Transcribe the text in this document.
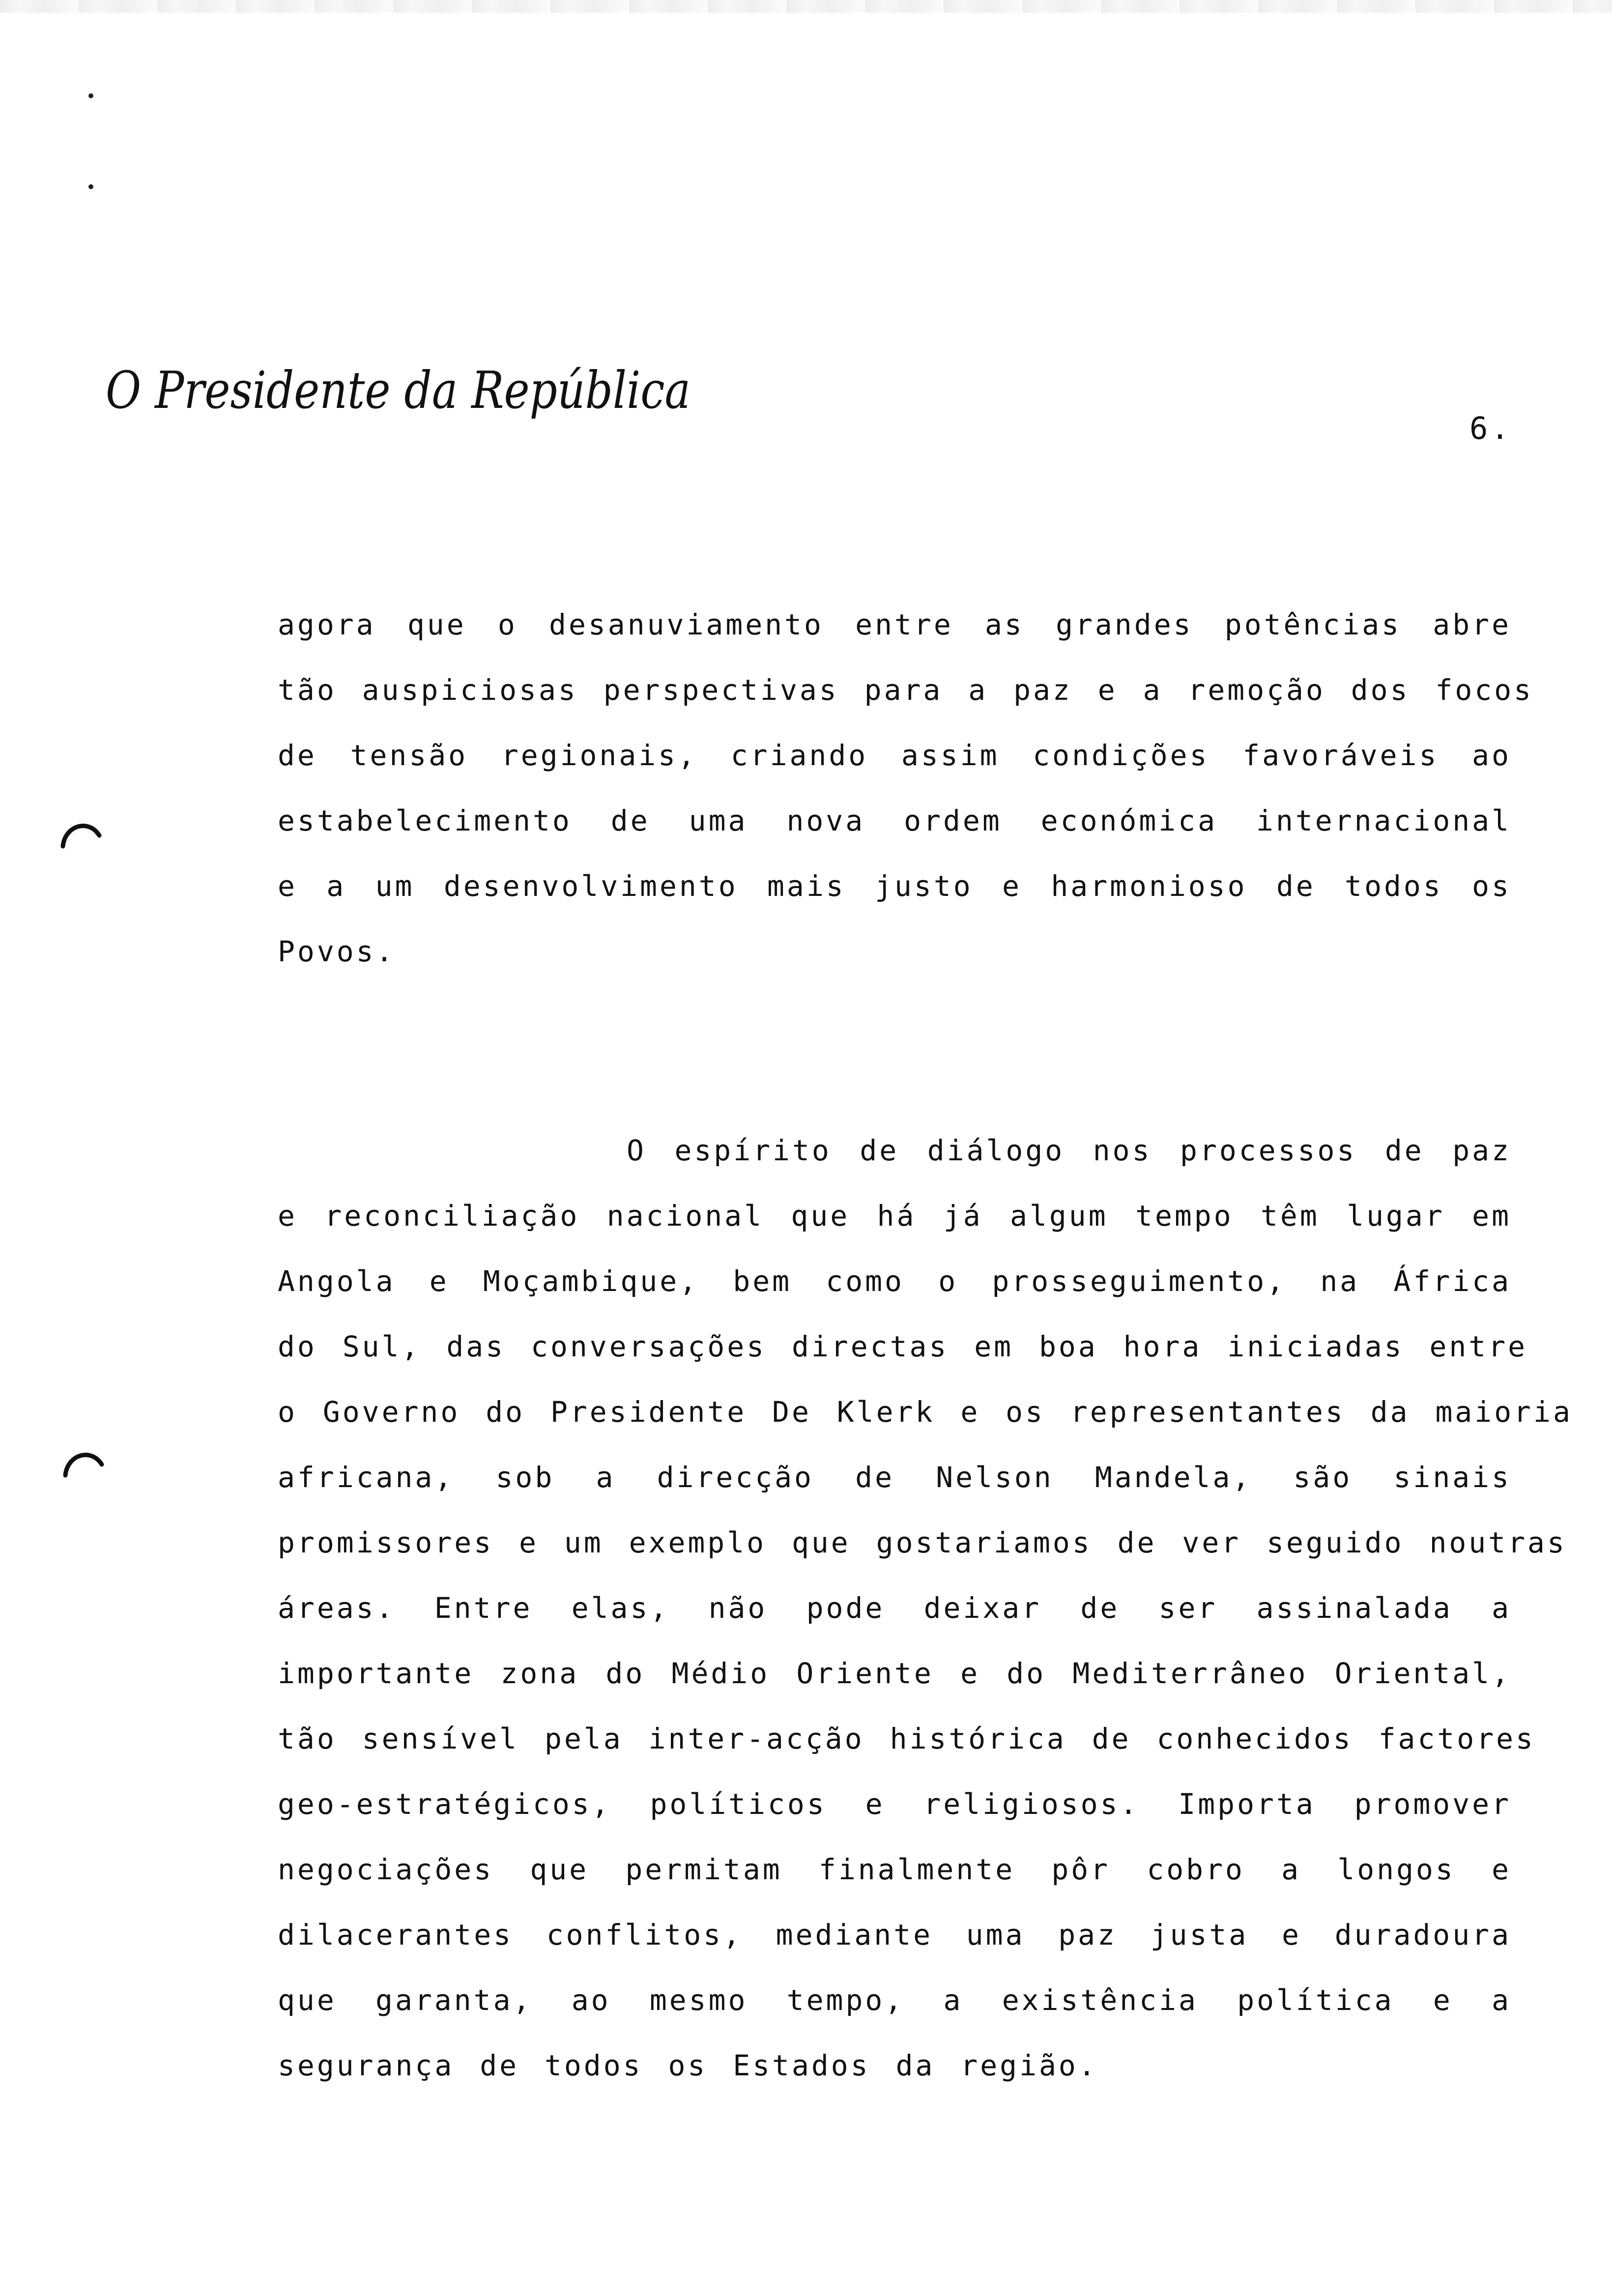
O Presidente da República
6.
agora que o desanuviamento entre as grandes potências abre
tão auspiciosas perspectivas para a paz e a remoção dos focos
de tensão regionais, criando assim condições favoráveis ao
estabelecimento de uma nova ordem económica internacional
e a um desenvolvimento mais justo e harmonioso de todos os
Povos.
O espírito de diálogo nos processos de paz
e reconciliação nacional que há já algum tempo têm lugar em
Angola e Moçambique, bem como o prosseguimento, na África
do Sul, das conversações directas em boa hora iniciadas entre
o Governo do Presidente De Klerk e os representantes da maioria
africana, sob a direcção de Nelson Mandela, são sinais
promissores e um exemplo que gostariamos de ver seguido noutras
áreas. Entre elas, não pode deixar de ser assinalada a
importante zona do Médio Oriente e do Mediterrâneo Oriental,
tão sensível pela inter-acção histórica de conhecidos factores
geo-estratégicos, políticos e religiosos. Importa promover
negociações que permitam finalmente pôr cobro a longos e
dilacerantes conflitos, mediante uma paz justa e duradoura
que garanta, ao mesmo tempo, a existência política e a
segurança de todos os Estados da região.
